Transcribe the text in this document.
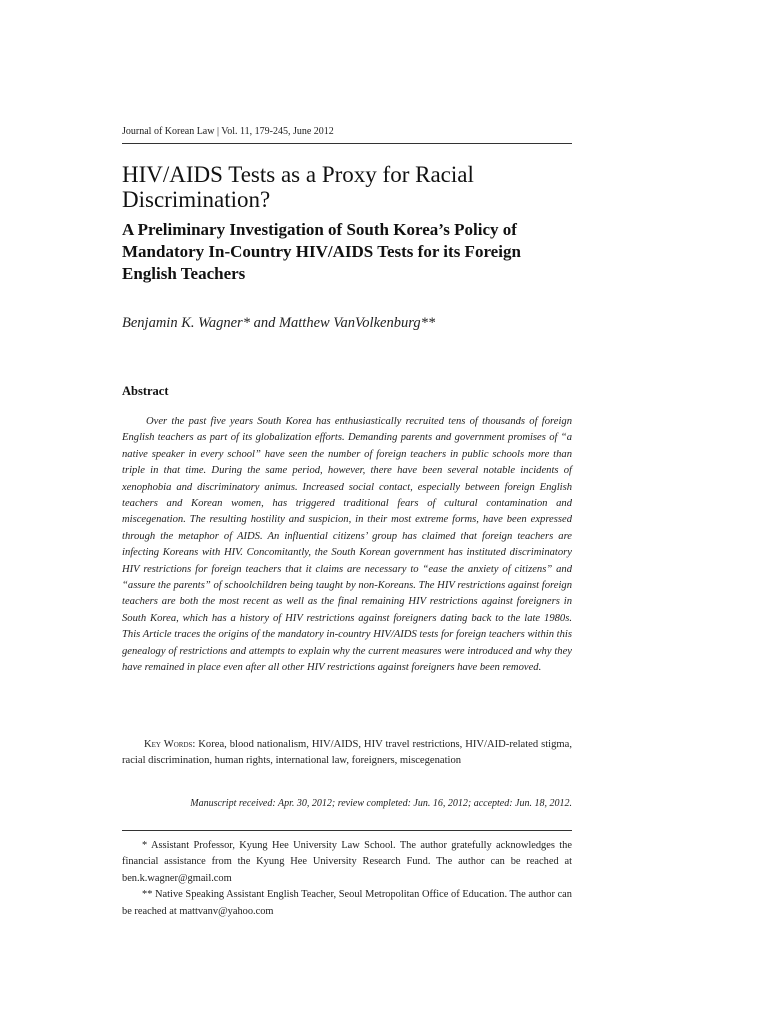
Journal of Korean Law | Vol. 11, 179-245, June 2012
HIV/AIDS Tests as a Proxy for Racial Discrimination?
A Preliminary Investigation of South Korea’s Policy of Mandatory In-Country HIV/AIDS Tests for its Foreign English Teachers
Benjamin K. Wagner* and Matthew VanVolkenburg**
Abstract

Over the past five years South Korea has enthusiastically recruited tens of thousands of foreign English teachers as part of its globalization efforts. Demanding parents and government promises of “a native speaker in every school” have seen the number of foreign teachers in public schools more than triple in that time. During the same period, however, there have been several notable incidents of xenophobia and discriminatory animus. Increased social contact, especially between foreign English teachers and Korean women, has triggered traditional fears of cultural contamination and miscegenation. The resulting hostility and suspicion, in their most extreme forms, have been expressed through the metaphor of AIDS. An influential citizens’ group has claimed that foreign teachers are infecting Koreans with HIV. Concomitantly, the South Korean government has instituted discriminatory HIV restrictions for foreign teachers that it claims are necessary to “ease the anxiety of citizens” and “assure the parents” of schoolchildren being taught by non-Koreans. The HIV restrictions against foreign teachers are both the most recent as well as the final remaining HIV restrictions against foreigners in South Korea, which has a history of HIV restrictions against foreigners dating back to the late 1980s. This Article traces the origins of the mandatory in-country HIV/AIDS tests for foreign teachers within this genealogy of restrictions and attempts to explain why the current measures were introduced and why they have remained in place even after all other HIV restrictions against foreigners have been removed.

Key Words: Korea, blood nationalism, HIV/AIDS, HIV travel restrictions, HIV/AID-related stigma, racial discrimination, human rights, international law, foreigners, miscegenation

Manuscript received: Apr. 30, 2012; review completed: Jun. 16, 2012; accepted: Jun. 18, 2012.

* Assistant Professor, Kyung Hee University Law School. The author gratefully acknowledges the financial assistance from the Kyung Hee University Research Fund. The author can be reached at ben.k.wagner@gmail.com

** Native Speaking Assistant English Teacher, Seoul Metropolitan Office of Education. The author can be reached at mattvanv@yahoo.com
